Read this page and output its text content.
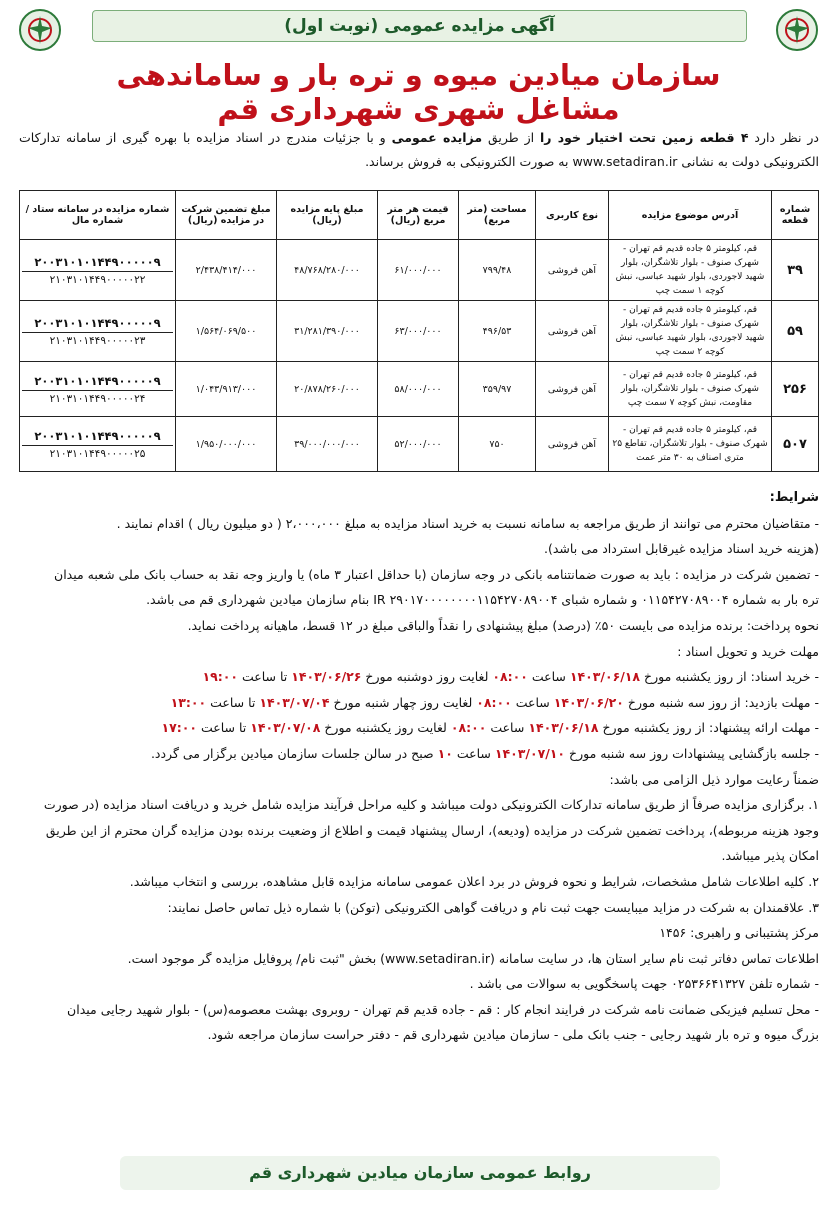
آگهی مزایده عمومی (نوبت اول)
سازمان میادین میوه و تره بار و ساماندهی مشاغل شهری شهرداری قم
در نظر دارد ۴ قطعه زمین تحت اختیار خود را از طریق مزایده عمومی و با جزئیات مندرج در اسناد مزایده با بهره گیری از سامانه تدارکات الکترونیکی دولت به نشانی www.setadiran.ir به صورت الکترونیکی به فروش برساند.
شماره قطعه	آدرس موضوع مزایده	نوع کاربری	مساحت (متر مربع)	قیمت هر متر مربع (ریال)	مبلغ پایه مزایده (ریال)	مبلغ تضمین شرکت در مزایده (ریال)	شماره مزایده در سامانه ستاد / شماره مال
۳۹	قم، کیلومتر ۵ جاده قدیم قم تهران - شهرک صنوف - بلوار تلاشگران، بلوار شهید لاجوردی، بلوار شهید عباسی، نبش کوچه ۱ سمت چپ	آهن فروشی	۷۹۹/۴۸	۶۱/۰۰۰/۰۰۰	۴۸/۷۶۸/۲۸۰/۰۰۰	۲/۴۳۸/۴۱۴/۰۰۰	۲۰۰۳۱۰۱۰۱۴۴۹۰۰۰۰۰۹
۲۱۰۳۱۰۱۴۴۹۰۰۰۰۰۲۲

۵۹	قم، کیلومتر ۵ جاده قدیم قم تهران - شهرک صنوف - بلوار تلاشگران، بلوار شهید لاجوردی، بلوار شهید عباسی، نبش کوچه ۲ سمت چپ	آهن فروشی	۴۹۶/۵۳	۶۳/۰۰۰/۰۰۰	۳۱/۲۸۱/۳۹۰/۰۰۰	۱/۵۶۴/۰۶۹/۵۰۰	۲۰۰۳۱۰۱۰۱۴۴۹۰۰۰۰۰۹
۲۱۰۳۱۰۱۴۴۹۰۰۰۰۰۲۳

۲۵۶	قم، کیلومتر ۵ جاده قدیم قم تهران - شهرک صنوف - بلوار تلاشگران، بلوار مقاومت، نبش کوچه ۷ سمت چپ	آهن فروشی	۳۵۹/۹۷	۵۸/۰۰۰/۰۰۰	۲۰/۸۷۸/۲۶۰/۰۰۰	۱/۰۴۳/۹۱۳/۰۰۰	۲۰۰۳۱۰۱۰۱۴۴۹۰۰۰۰۰۹
۲۱۰۳۱۰۱۴۴۹۰۰۰۰۰۲۴

۵۰۷	قم، کیلومتر ۵ جاده قدیم قم تهران - شهرک صنوف - بلوار تلاشگران، تقاطع ۲۵ متری اصناف به ۳۰ متر عمت	آهن فروشی	۷۵۰	۵۲/۰۰۰/۰۰۰	۳۹/۰۰۰/۰۰۰/۰۰۰	۱/۹۵۰/۰۰۰/۰۰۰	۲۰۰۳۱۰۱۰۱۴۴۹۰۰۰۰۰۹
۲۱۰۳۱۰۱۴۴۹۰۰۰۰۰۲۵
شرایط:
- متقاضیان محترم می توانند از طریق مراجعه به سامانه نسبت به خرید اسناد مزایده به مبلغ ۲،۰۰۰،۰۰۰ ( دو میلیون ریال ) اقدام نمایند .
(هزینه خرید اسناد مزایده غیرقابل استرداد می باشد).
- تضمین شرکت در مزایده : باید به صورت ضمانتنامه بانکی در وجه سازمان (با حداقل اعتبار ۳ ماه) یا واریز وجه نقد به حساب بانک ملی شعبه میدان
تره بار به شماره ۰۱۱۵۴۲۷۰۸۹۰۰۴ و شماره شبای IR ۲۹۰۱۷۰۰۰۰۰۰۰۰۱۱۵۴۲۷۰۸۹۰۰۴ بنام سازمان میادین شهرداری قم می باشد.
نحوه پرداخت: برنده مزایده می بایست ۵۰٪ (درصد) مبلغ پیشنهادی را نقداً والباقی مبلغ در ۱۲ قسط، ماهیانه پرداخت نماید.
مهلت خرید و تحویل اسناد :
- خرید اسناد: از روز یکشنبه مورخ ۱۴۰۳/۰۶/۱۸ ساعت ۰۸:۰۰ لغایت روز دوشنبه مورخ ۱۴۰۳/۰۶/۲۶ تا ساعت ۱۹:۰۰
- مهلت بازدید: از روز سه شنبه مورخ ۱۴۰۳/۰۶/۲۰ ساعت ۰۸:۰۰ لغایت روز چهار شنبه مورخ ۱۴۰۳/۰۷/۰۴ تا ساعت ۱۳:۰۰
- مهلت ارائه پیشنهاد: از روز یکشنبه مورخ ۱۴۰۳/۰۶/۱۸ ساعت ۰۸:۰۰ لغایت روز یکشنبه مورخ ۱۴۰۳/۰۷/۰۸ تا ساعت ۱۷:۰۰
- جلسه بازگشایی پیشنهادات روز سه شنبه مورخ ۱۴۰۳/۰۷/۱۰ ساعت ۱۰ صبح در سالن جلسات سازمان میادین برگزار می گردد.
ضمناً رعایت موارد ذیل الزامی می باشد:
۱. برگزاری مزایده صرفاً از طریق سامانه تدارکات الکترونیکی دولت میباشد و کلیه مراحل فرآیند مزایده شامل خرید و دریافت اسناد مزایده (در صورت
وجود هزینه مربوطه)، پرداخت تضمین شرکت در مزایده (ودیعه)، ارسال پیشنهاد قیمت و اطلاع از وضعیت برنده بودن مزایده گران محترم از این طریق
امکان پذیر میباشد.
۲. کلیه اطلاعات شامل مشخصات، شرایط و نحوه فروش در برد اعلان عمومی سامانه مزایده قابل مشاهده، بررسی و انتخاب میباشد.
۳. علاقمندان به شرکت در مزاید میبایست جهت ثبت نام و دریافت گواهی الکترونیکی (توکن) با شماره ذیل تماس حاصل نمایند:
مرکز پشتیبانی و راهبری: ۱۴۵۶
اطلاعات تماس دفاتر ثبت نام سایر استان ها، در سایت سامانه (www.setadiran.ir) بخش "ثبت نام/ پروفایل مزایده گر موجود است.
- شماره تلفن ۰۲۵۳۶۶۴۱۳۲۷ جهت پاسخگویی به سوالات می باشد .
- محل تسلیم فیزیکی ضمانت نامه شرکت در فرایند انجام کار : قم - جاده قدیم قم تهران - روبروی بهشت معصومه(س) - بلوار شهید رجایی میدان
بزرگ میوه و تره بار شهید رجایی - جنب بانک ملی - سازمان میادین شهرداری قم - دفتر حراست سازمان مراجعه شود.
روابط عمومی سازمان میادین شهرداری قم
